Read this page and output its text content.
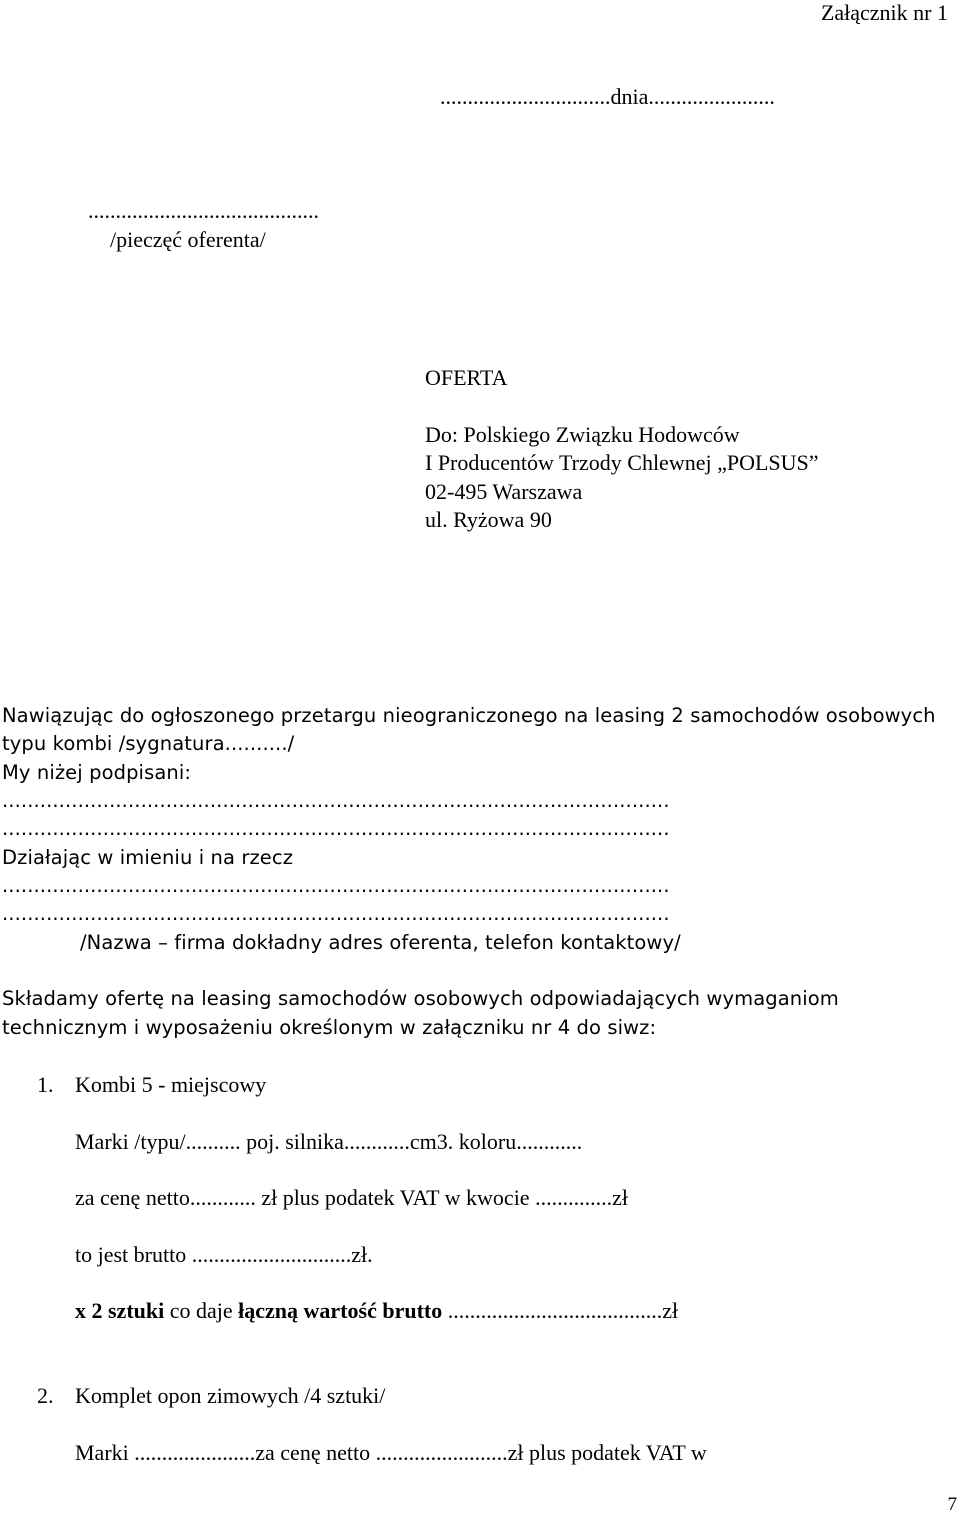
Załącznik nr 1
...............................dnia.......................
..........................................
/pieczęć oferenta/
OFERTA
Do: Polskiego Związku Hodowców
I Producentów Trzody Chlewnej „POLSUS”
02-495 Warszawa
ul. Ryżowa 90
Nawiązując do ogłoszonego przetargu nieograniczonego na leasing 2 samochodów osobowych
typu kombi /sygnatura........../
My niżej podpisani:
..........................................................................................................
..........................................................................................................
Działając w imieniu i na rzecz
..........................................................................................................
..........................................................................................................
/Nazwa – firma dokładny adres oferenta, telefon kontaktowy/
Składamy ofertę na leasing samochodów osobowych odpowiadających wymaganiom
technicznym i wyposażeniu określonym w załączniku nr 4 do siwz:
1. Kombi 5 - miejscowy
Marki /typu/.......... poj. silnika............cm3. koloru............
za cenę netto............ zł plus podatek VAT w kwocie ..............zł
to jest brutto .............................zł.
x 2 sztuki co daje łączną wartość brutto .......................................zł
2. Komplet opon zimowych /4 sztuki/
Marki ......................za cenę netto ........................zł plus podatek VAT w
7
